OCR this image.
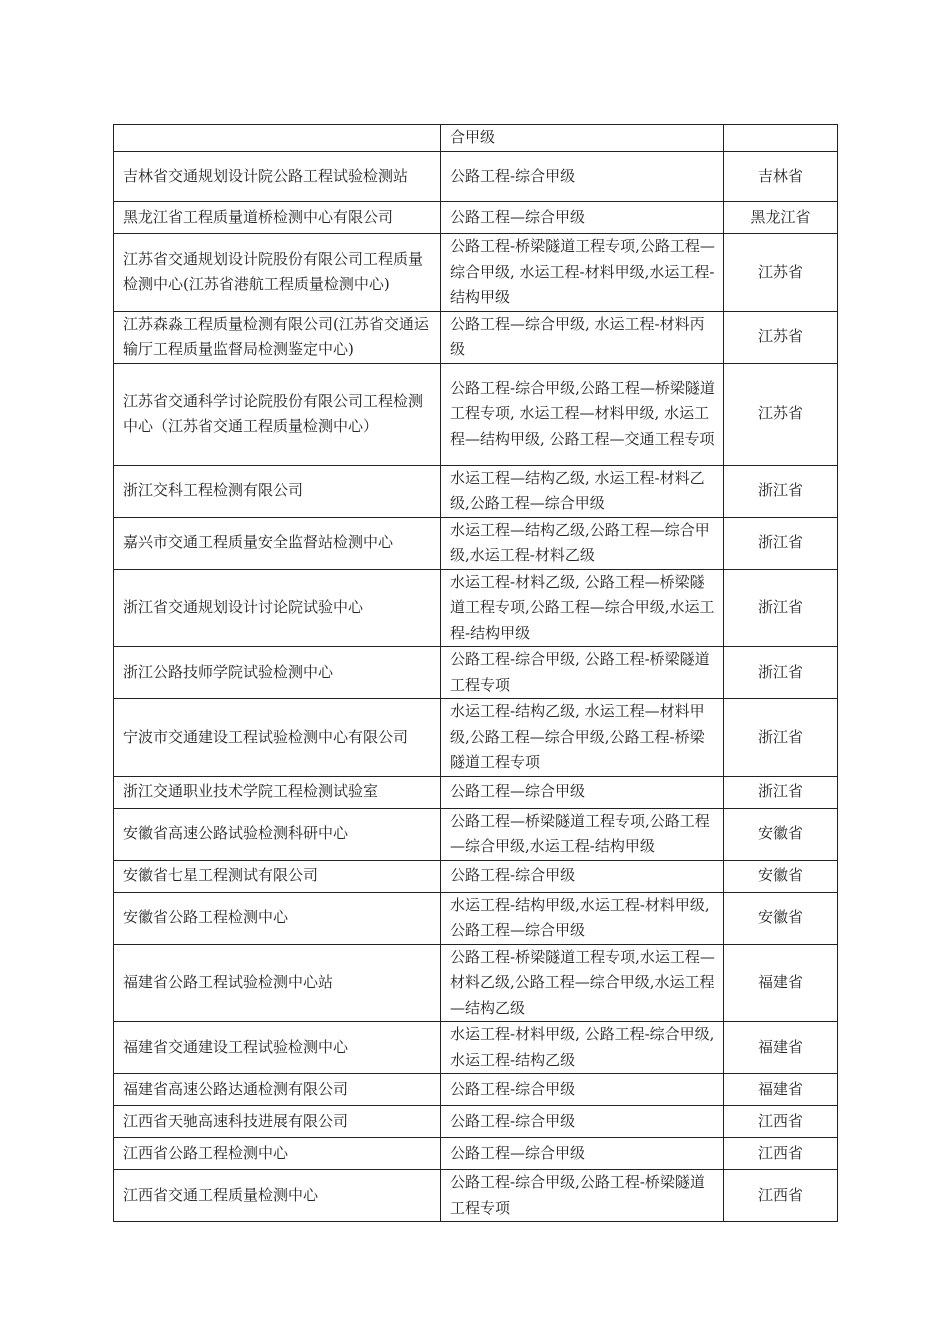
	合甲级	
吉林省交通规划设计院公路工程试验检测站	公路工程-综合甲级	吉林省
黑龙江省工程质量道桥检测中心有限公司	公路工程—综合甲级	黑龙江省
江苏省交通规划设计院股份有限公司工程质量检测中心(江苏省港航工程质量检测中心)	公路工程-桥梁隧道工程专项,公路工程—综合甲级, 水运工程-材料甲级,水运工程-结构甲级	江苏省
江苏森淼工程质量检测有限公司(江苏省交通运输厅工程质量监督局检测鉴定中心)	公路工程—综合甲级, 水运工程-材料丙级	江苏省
江苏省交通科学讨论院股份有限公司工程检测中心（江苏省交通工程质量检测中心）	公路工程-综合甲级,公路工程—桥梁隧道工程专项, 水运工程—材料甲级, 水运工程—结构甲级, 公路工程—交通工程专项	江苏省
浙江交科工程检测有限公司	水运工程—结构乙级, 水运工程-材料乙级,公路工程—综合甲级	浙江省
嘉兴市交通工程质量安全监督站检测中心	水运工程—结构乙级,公路工程—综合甲级,水运工程-材料乙级	浙江省
浙江省交通规划设计讨论院试验中心	水运工程-材料乙级, 公路工程—桥梁隧道工程专项,公路工程—综合甲级,水运工程-结构甲级	浙江省
浙江公路技师学院试验检测中心	公路工程-综合甲级, 公路工程-桥梁隧道工程专项	浙江省
宁波市交通建设工程试验检测中心有限公司	水运工程-结构乙级, 水运工程—材料甲级,公路工程—综合甲级,公路工程-桥梁隧道工程专项	浙江省
浙江交通职业技术学院工程检测试验室	公路工程—综合甲级	浙江省
安徽省高速公路试验检测科研中心	公路工程—桥梁隧道工程专项,公路工程—综合甲级,水运工程-结构甲级	安徽省
安徽省七星工程测试有限公司	公路工程-综合甲级	安徽省
安徽省公路工程检测中心	水运工程-结构甲级,水运工程-材料甲级, 公路工程—综合甲级	安徽省
福建省公路工程试验检测中心站	公路工程-桥梁隧道工程专项,水运工程—材料乙级,公路工程—综合甲级,水运工程—结构乙级	福建省
福建省交通建设工程试验检测中心	水运工程-材料甲级, 公路工程-综合甲级, 水运工程-结构乙级	福建省
福建省高速公路达通检测有限公司	公路工程-综合甲级	福建省
江西省天驰高速科技进展有限公司	公路工程-综合甲级	江西省
江西省公路工程检测中心	公路工程—综合甲级	江西省
江西省交通工程质量检测中心	公路工程-综合甲级,公路工程-桥梁隧道工程专项	江西省
